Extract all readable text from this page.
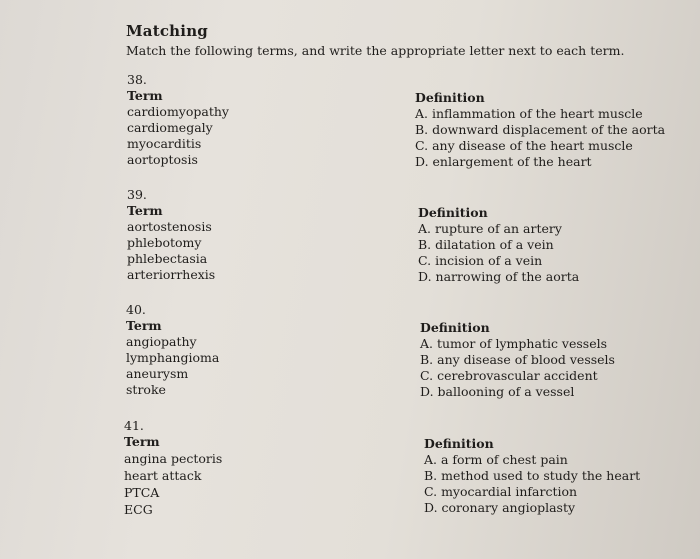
Matching
Match the following terms, and write the appropriate letter next to each term.
38.
Term
cardiomyopathy
cardiomegaly
myocarditis
aortoptosis
Definition
A. inflammation of the heart muscle
B. downward displacement of the aorta
C. any disease of the heart muscle
D. enlargement of the heart
39.
Term
aortostenosis
phlebotomy
phlebectasia
arteriorrhexis
Definition
A. rupture of an artery
B. dilatation of a vein
C. incision of a vein
D. narrowing of the aorta
40.
Term
angiopathy
lymphangioma
aneurysm
stroke
Definition
A. tumor of lymphatic vessels
B. any disease of blood vessels
C. cerebrovascular accident
D. ballooning of a vessel
41.
Term
angina pectoris
heart attack
PTCA
ECG
Definition
A. a form of chest pain
B. method used to study the heart
C. myocardial infarction
D. coronary angioplasty
